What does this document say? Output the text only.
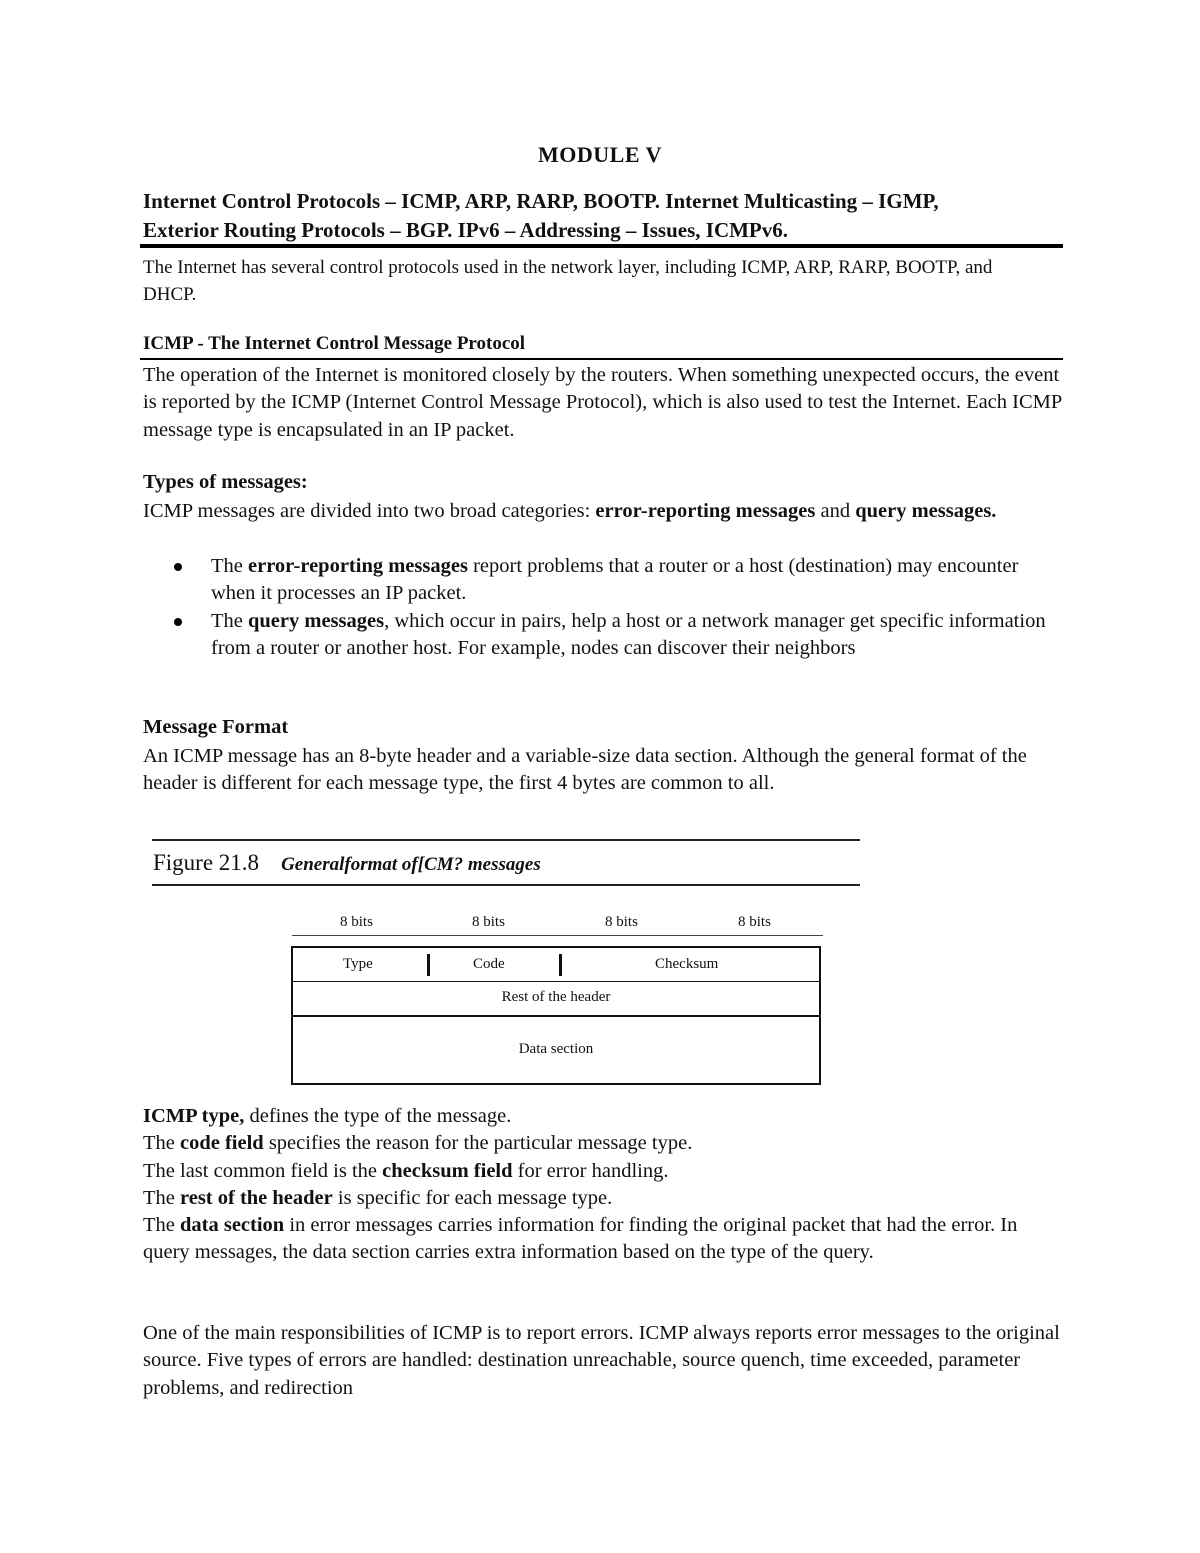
MODULE V
Internet Control Protocols – ICMP, ARP, RARP, BOOTP. Internet Multicasting – IGMP,
Exterior Routing Protocols – BGP. IPv6 – Addressing – Issues, ICMPv6.

The Internet has several control protocols used in the network layer, including ICMP, ARP, RARP, BOOTP, and DHCP.

ICMP - The Internet Control Message Protocol

The operation of the Internet is monitored closely by the routers. When something unexpected occurs, the event is reported by the ICMP (Internet Control Message Protocol), which is also used to test the Internet. Each ICMP message type is encapsulated in an IP packet.

Types of messages:

ICMP messages are divided into two broad categories: error-reporting messages and query messages.

The error-reporting messages report problems that a router or a host (destination) may encounter when it processes an IP packet.
The query messages, which occur in pairs, help a host or a network manager get specific information from a router or another host. For example, nodes can discover their neighbors

Message Format

An ICMP message has an 8-byte header and a variable-size data section. Although the general format of the header is different for each message type, the first 4 bytes are common to all.

Figure 21.8 Generalformat of[CM? messages

8 bits	8 bits	8 bits	8 bits
Type	Code	Checksum
Rest of the header
Data section
ICMP type, defines the type of the message.
The code field specifies the reason for the particular message type.
The last common field is the checksum field for error handling.
The rest of the header is specific for each message type.
The data section in error messages carries information for finding the original packet that had the error. In query messages, the data section carries extra information based on the type of the query.

One of the main responsibilities of ICMP is to report errors. ICMP always reports error messages to the original source. Five types of errors are handled: destination unreachable, source quench, time exceeded, parameter problems, and redirection
